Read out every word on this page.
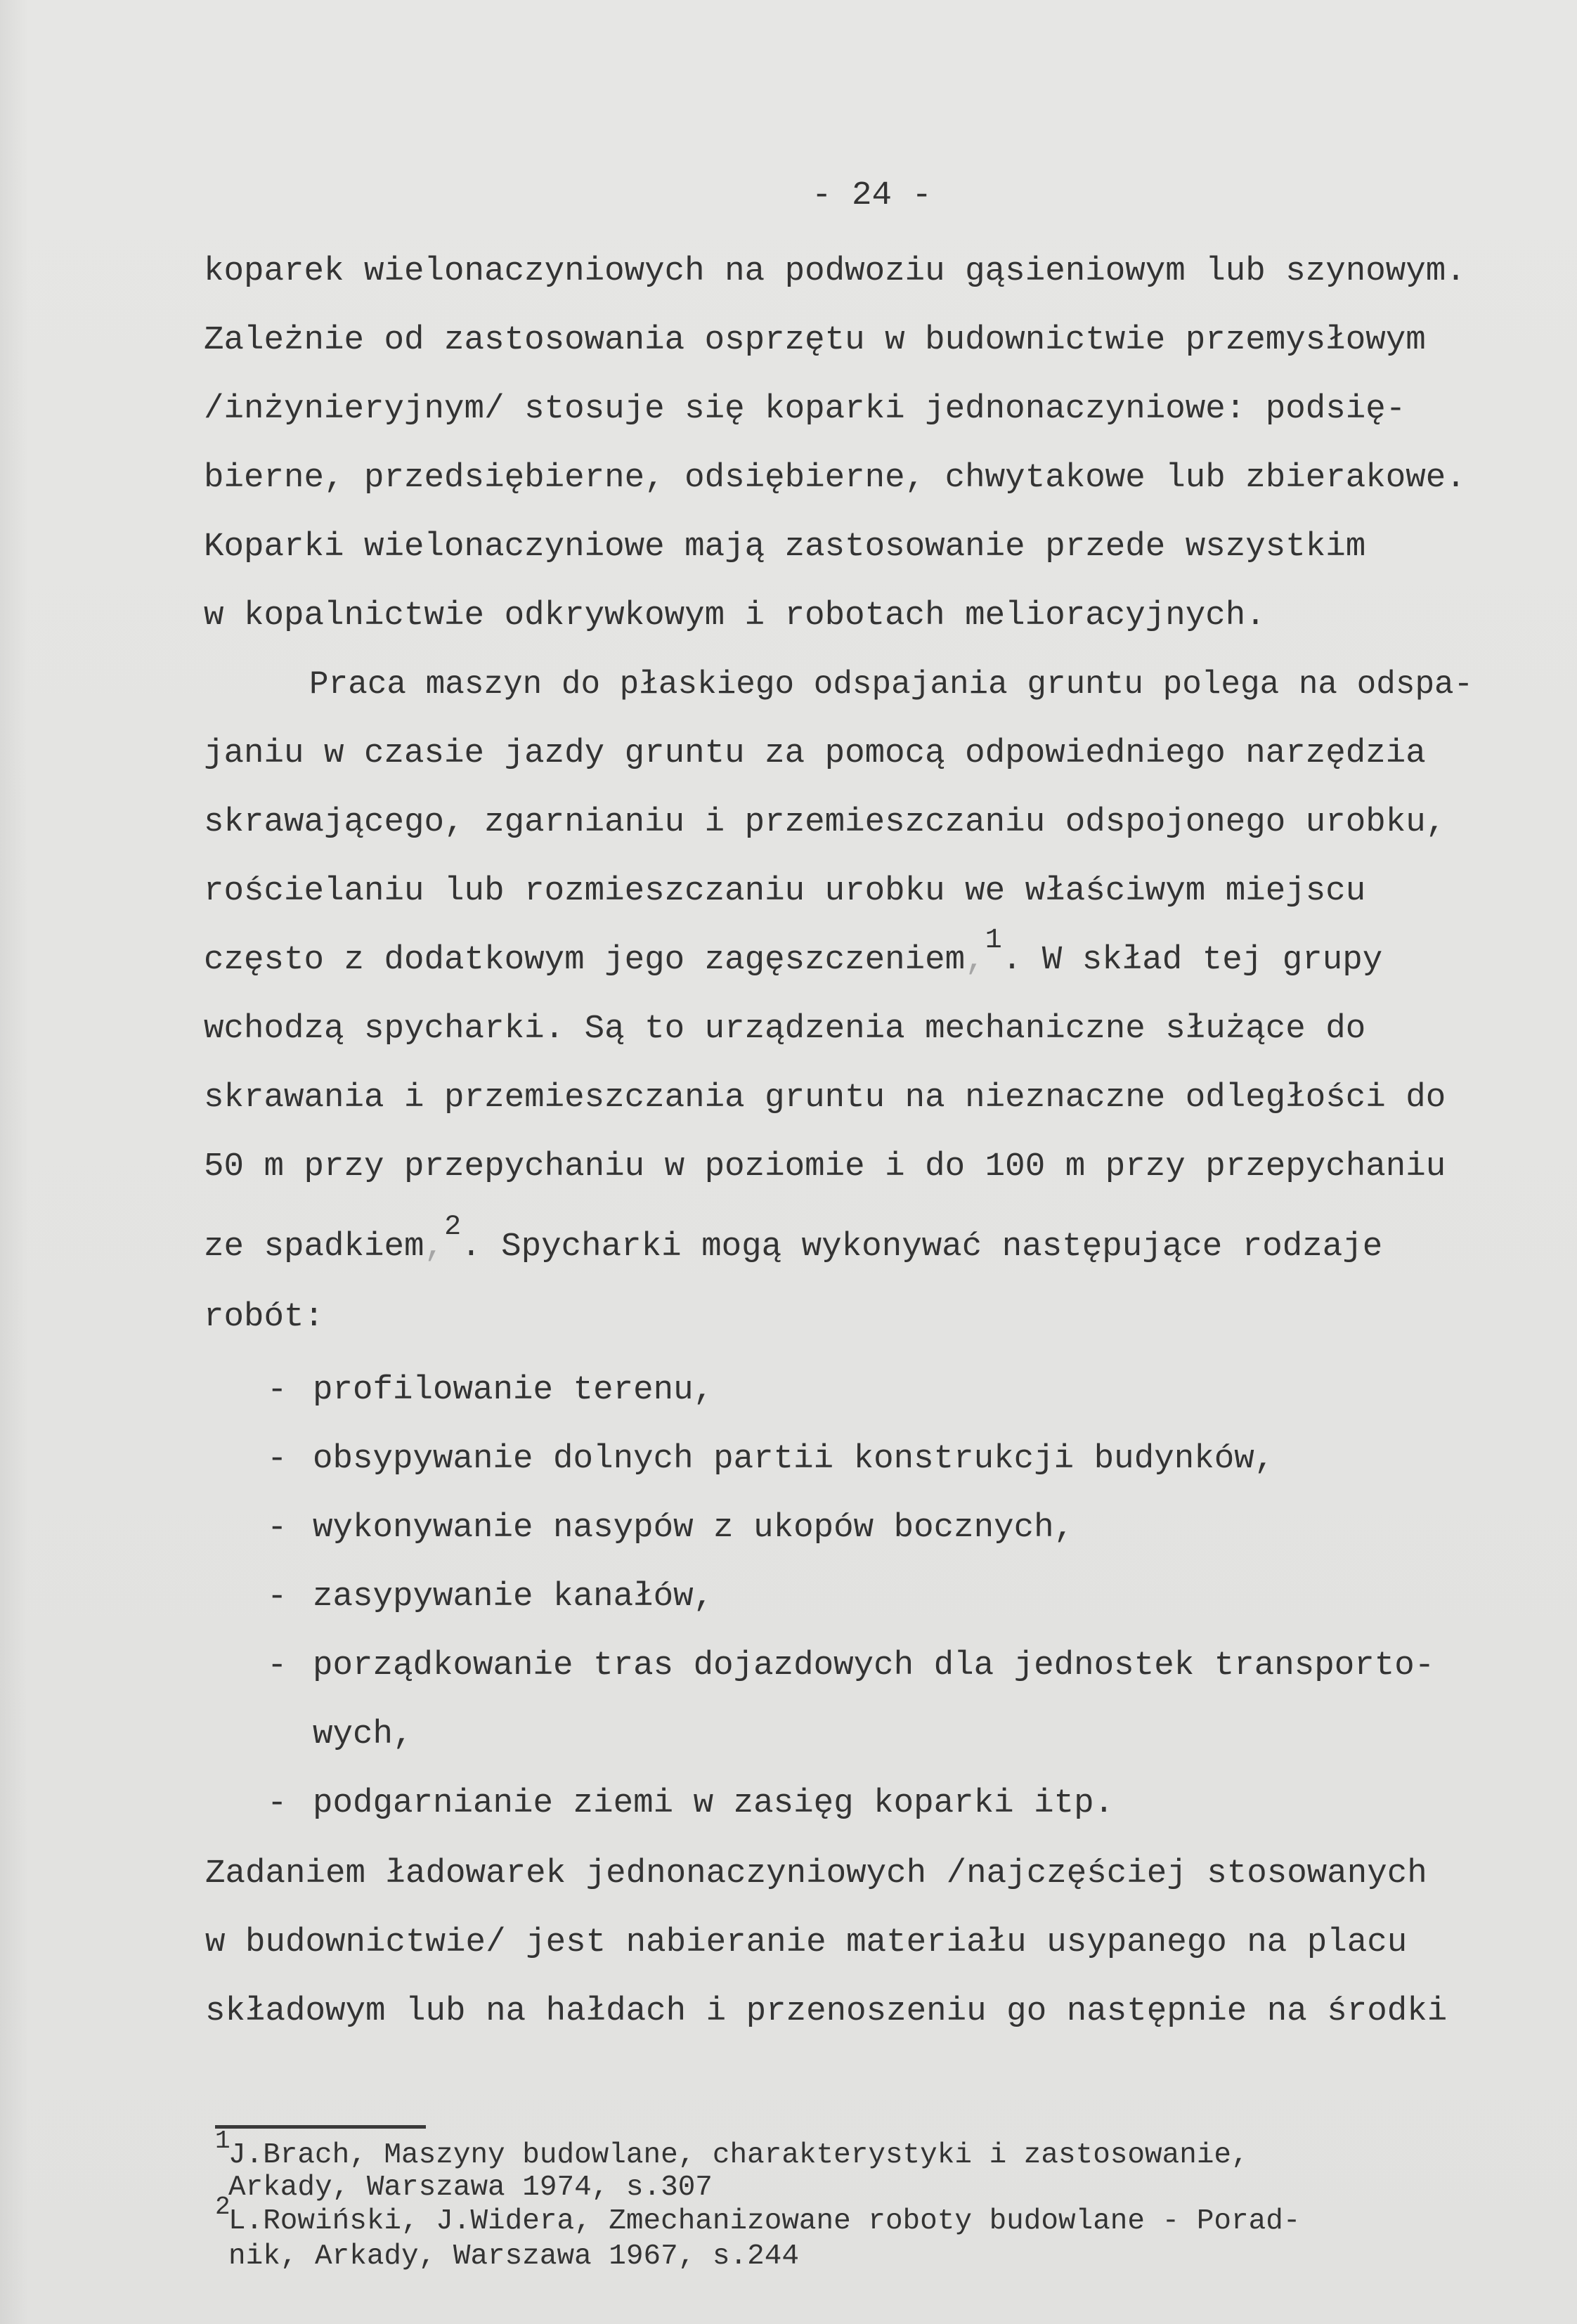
- 24 -
koparek wielonaczyniowych na podwoziu gąsieniowym lub szynowym.
Zależnie od zastosowania osprzętu w budownictwie przemysłowym
/inżynieryjnym/ stosuje się koparki jednonaczyniowe: podsię-
bierne, przedsiębierne, odsiębierne, chwytakowe lub zbierakowe.
Koparki wielonaczyniowe mają zastosowanie przede wszystkim
w kopalnictwie odkrywkowym i robotach melioracyjnych.
Praca maszyn do płaskiego odspajania gruntu polega na odspa-
janiu w czasie jazdy gruntu za pomocą odpowiedniego narzędzia
skrawającego, zgarnianiu i przemieszczaniu odspojonego urobku,
rościelaniu lub rozmieszczaniu urobku we właściwym miejscu
często z dodatkowym jego zagęszczeniem,$^1$. W skład tej grupy
wchodzą spycharki. Są to urządzenia mechaniczne służące do
skrawania i przemieszczania gruntu na nieznaczne odległości do
50 m przy przepychaniu w poziomie i do 100 m przy przepychaniu
ze spadkiem,$^2$. Spycharki mogą wykonywać następujące rodzaje
robót:
- profilowanie terenu,
- obsypywanie dolnych partii konstrukcji budynków,
- wykonywanie nasypów z ukopów bocznych,
- zasypywanie kanałów,
- porządkowanie tras dojazdowych dla jednostek transporto-
wych,
- podgarnianie ziemi w zasięg koparki itp.
Zadaniem ładowarek jednonaczyniowych /najczęściej stosowanych
w budownictwie/ jest nabieranie materiału usypanego na placu
składowym lub na hałdach i przenoszeniu go następnie na środki
1
J.Brach, Maszyny budowlane, charakterystyki i zastosowanie,
Arkady, Warszawa 1974, s.307
2
L.Rowiński, J.Widera, Zmechanizowane roboty budowlane - Porad-
nik, Arkady, Warszawa 1967, s.244
